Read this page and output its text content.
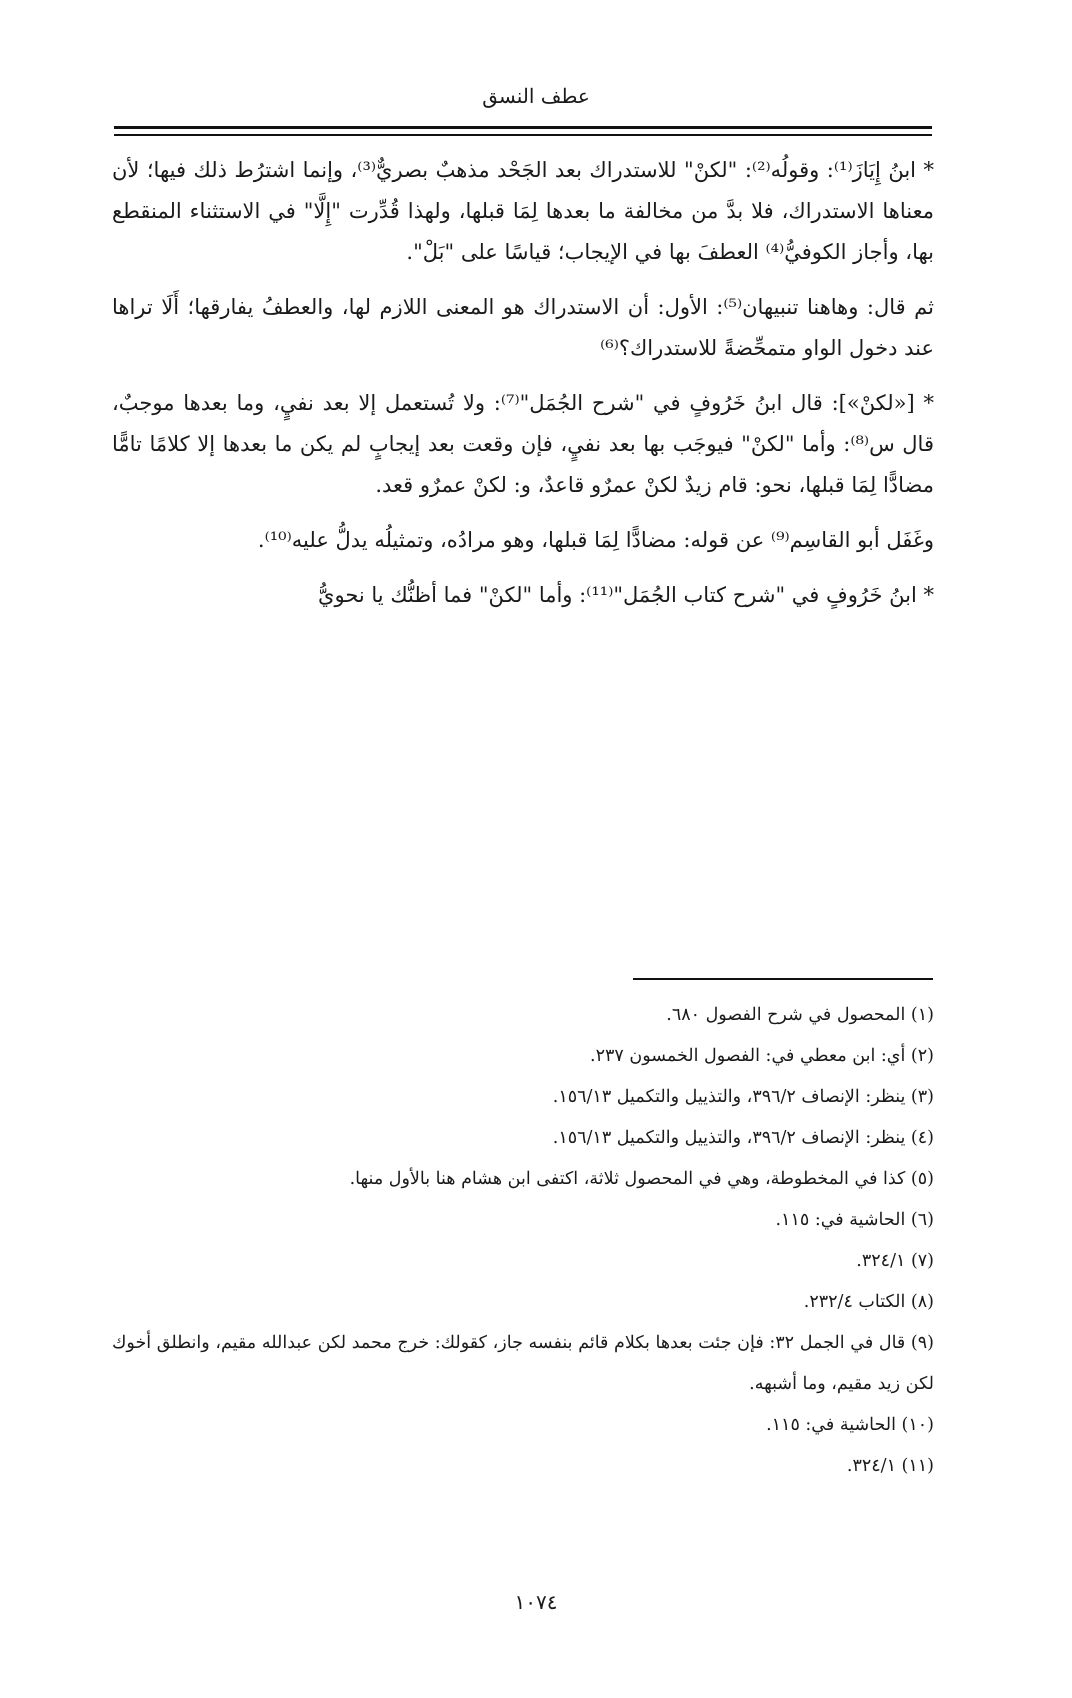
عطف النسق

* ابنُ إِيَازَ⁽¹⁾: وقولُه⁽²⁾: "لكنْ" للاستدراك بعد الجَحْد مذهبٌ بصريٌّ⁽³⁾، وإنما اشترُط ذلك فيها؛ لأن معناها الاستدراك، فلا بدَّ من مخالفة ما بعدها لِمَا قبلها، ولهذا قُدِّرت "إِلَّا" في الاستثناء المنقطع بها، وأجاز الكوفيُّ⁽⁴⁾ العطفَ بها في الإيجاب؛ قياسًا على "بَلْ".

ثم قال: وهاهنا تنبيهان⁽⁵⁾: الأول: أن الاستدراك هو المعنى اللازم لها، والعطفُ يفارقها؛ أَلَا تراها عند دخول الواو متمحِّضةً للاستدراك؟⁽⁶⁾

* [«لكنْ»]: قال ابنُ خَرُوفٍ في "شرح الجُمَل"⁽⁷⁾: ولا تُستعمل إلا بعد نفيٍ، وما بعدها موجبٌ، قال س⁽⁸⁾: وأما "لكنْ" فيوجَب بها بعد نفيٍ، فإن وقعت بعد إيجابٍ لم يكن ما بعدها إلا كلامًا تامًّا مضادًّا لِمَا قبلها، نحو: قام زيدٌ لكنْ عمرٌو قاعدٌ، و: لكنْ عمرٌو قعد.

وغَفَل أبو القاسِم⁽⁹⁾ عن قوله: مضادًّا لِمَا قبلها، وهو مرادُه، وتمثيلُه يدلُّ عليه⁽¹⁰⁾.

* ابنُ خَرُوفٍ في "شرح كتاب الجُمَل"⁽¹¹⁾: وأما "لكنْ" فما أظنُّك يا نحويُّ

(١) المحصول في شرح الفصول ٦٨٠.
(٢) أي: ابن معطي في: الفصول الخمسون ٢٣٧.
(٣) ينظر: الإنصاف ٣٩٦/٢، والتذييل والتكميل ١٥٦/١٣.
(٤) ينظر: الإنصاف ٣٩٦/٢، والتذييل والتكميل ١٥٦/١٣.
(٥) كذا في المخطوطة، وهي في المحصول ثلاثة، اكتفى ابن هشام هنا بالأول منها.
(٦) الحاشية في: ١١٥.
(٧) ٣٢٤/١.
(٨) الكتاب ٢٣٢/٤.
(٩) قال في الجمل ٣٢: فإن جئت بعدها بكلام قائم بنفسه جاز، كقولك: خرج محمد لكن عبدالله مقيم، وانطلق أخوك لكن زيد مقيم، وما أشبهه.
(١٠) الحاشية في: ١١٥.
(١١) ٣٢٤/١.
١٠٧٤
